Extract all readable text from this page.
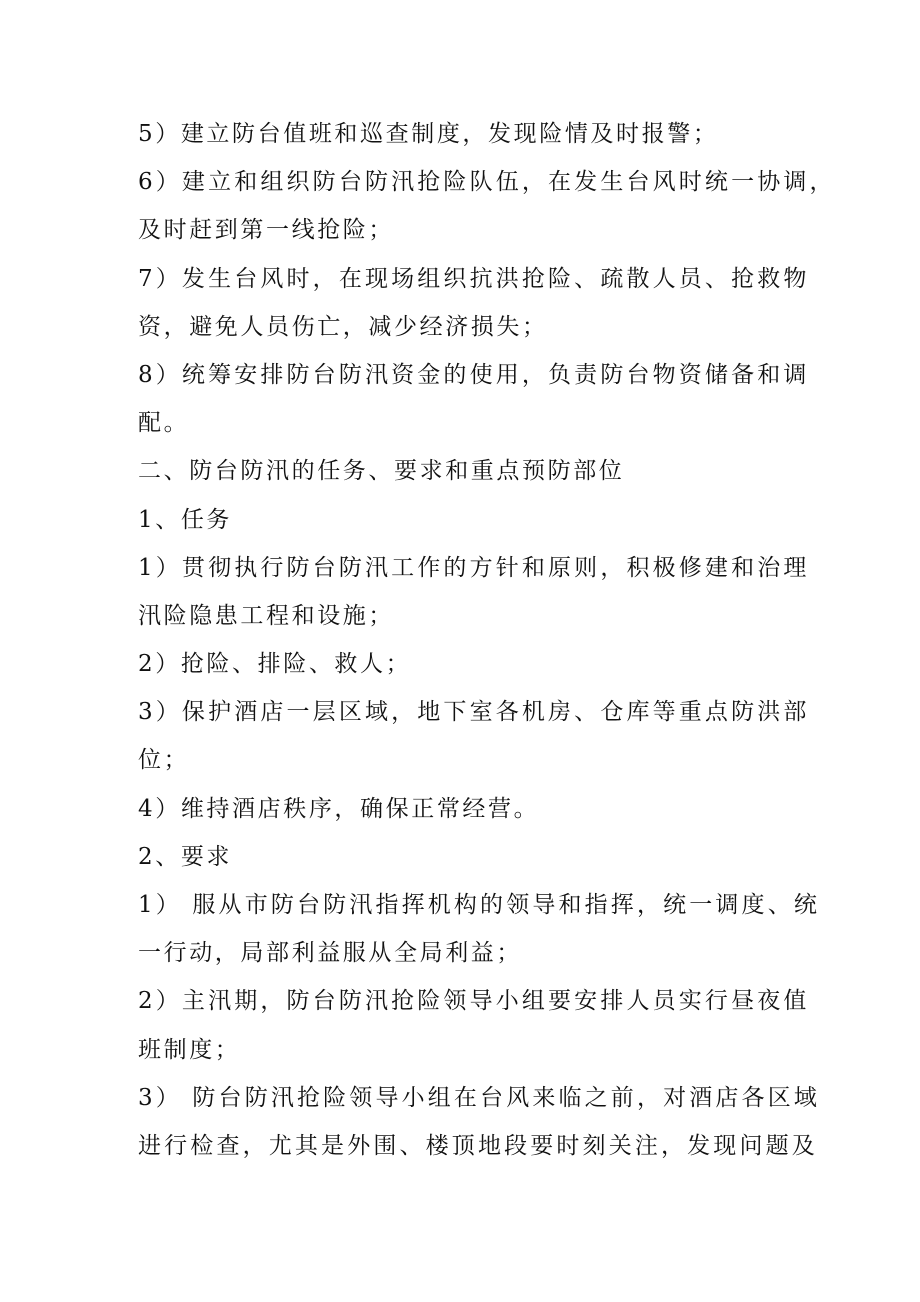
5）建立防台值班和巡查制度，发现险情及时报警；

6）建立和组织防台防汛抢险队伍，在发生台风时统一协调，

及时赶到第一线抢险；

7）发生台风时，在现场组织抗洪抢险、疏散人员、抢救物

资，避免人员伤亡，减少经济损失；

8）统筹安排防台防汛资金的使用，负责防台物资储备和调

配。

二、防台防汛的任务、要求和重点预防部位

1、任务

1）贯彻执行防台防汛工作的方针和原则，积极修建和治理

汛险隐患工程和设施；

2）抢险、排险、救人；

3）保护酒店一层区域，地下室各机房、仓库等重点防洪部

位；

4）维持酒店秩序，确保正常经营。

2、要求

1） 服从市防台防汛指挥机构的领导和指挥，统一调度、统

一行动，局部利益服从全局利益；

2）主汛期，防台防汛抢险领导小组要安排人员实行昼夜值

班制度；

3） 防台防汛抢险领导小组在台风来临之前，对酒店各区域

进行检查，尤其是外围、楼顶地段要时刻关注，发现问题及
